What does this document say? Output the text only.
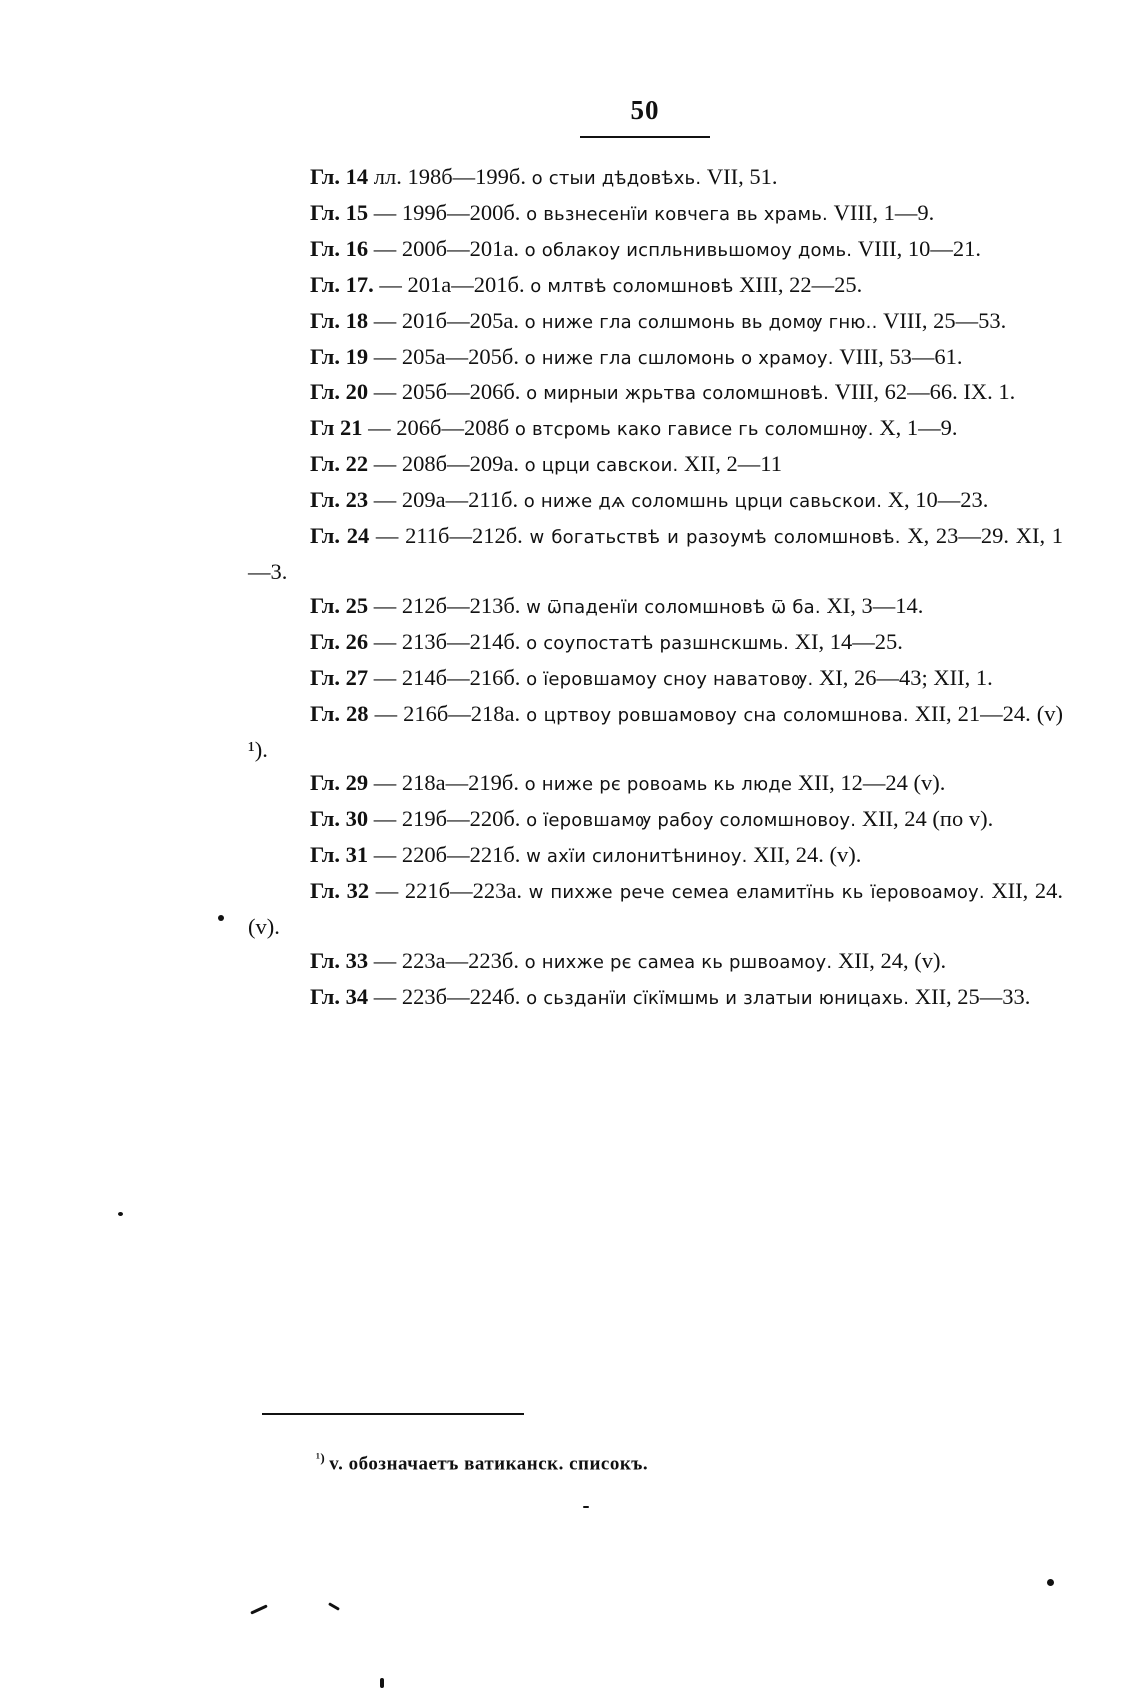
50

Гл. 14 лл. 198б—199б. о стыи дѣдовѣхь. VII, 51.

Гл. 15 — 199б—200б. о вьзнесенїи ковчега вь храмь. VIII, 1—9.

Гл. 16 — 200б—201а. о облакоу испльнивьшомоу домь. VIII, 10—21.

Гл. 17. — 201а—201б. о млтвѣ соломшновѣ XIII, 22—25.

Гл. 18 — 201б—205а. о ниже гла солшмонь вь домѹ гню.. VIII, 25—53.

Гл. 19 — 205а—205б. о ниже гла сшломонь о храмоу. VIII, 53—61.

Гл. 20 — 205б—206б. о мирныи жрьтва соломшновѣ. VIII, 62—66. IX. 1.

Гл 21 — 206б—208б о втсромь како гависе гь соломшнѹ. X, 1—9.

Гл. 22 — 208б—209а. о црци савскои. XII, 2—11

Гл. 23 — 209а—211б. о ниже дѧ соломшнь црци савьскои. X, 10—23.

Гл. 24 — 211б—212б. w богатьствѣ и разоумѣ соломшновѣ. X, 23—29. XI, 1—3.

Гл. 25 — 212б—213б. w ѿпаденїи соломшновѣ ѿ ба. XI, 3—14.

Гл. 26 — 213б—214б. о соупостатѣ разшнскшмь. XI, 14—25.

Гл. 27 — 214б—216б. о їеровшамоу сноу наватовѹ. XI, 26—43; XII, 1.

Гл. 28 — 216б—218а. о цртвоу ровшамовоу сна соломшнова. XII, 21—24. (v) ¹).

Гл. 29 — 218а—219б. о ниже рє ровоамь кь люде XII, 12—24 (v).

Гл. 30 — 219б—220б. о їеровшамѹ рабоу соломшновоу. XII, 24 (по v).

Гл. 31 — 220б—221б. w ахїи силонитѣниноу. XII, 24. (v).

Гл. 32 — 221б—223а. w пихже рече семеа еламитїнь кь їеровоамоу. XII, 24. (v).

Гл. 33 — 223а—223б. о нихже рє самеа кь ршвоамоу. XII, 24, (v).

Гл. 34 — 223б—224б. о сьзданїи сїкїмшмь и златыи юницахь. XII, 25—33.

$^{^1)}$ v. обозначаетъ ватиканск. списокъ.
